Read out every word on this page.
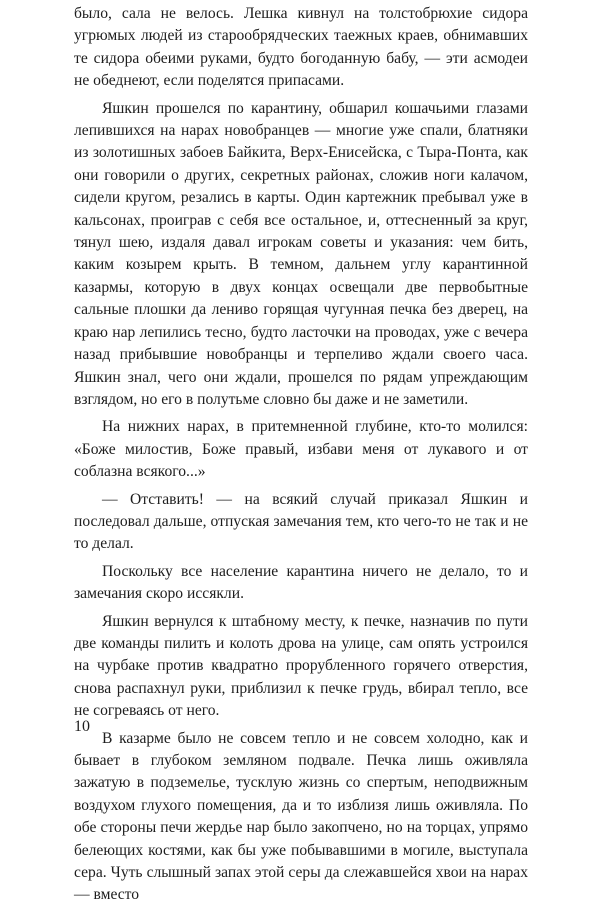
было, сала не велось. Лешка кивнул на толстобрюхие сидора угрюмых людей из старообрядческих таежных краев, обнимавших те сидора обеими руками, будто богоданную бабу, — эти асмодеи не обеднеют, если поделятся припасами.

Яшкин прошелся по карантину, обшарил кошачьими глазами лепившихся на нарах новобранцев — многие уже спали, блатняки из золотишных забоев Байкита, Верх-Енисейска, с Тыра-Понта, как они говорили о других, секретных районах, сложив ноги калачом, сидели кругом, резались в карты. Один картежник пребывал уже в кальсонах, проиграв с себя все остальное, и, оттесненный за круг, тянул шею, издаля давал игрокам советы и указания: чем бить, каким козырем крыть. В темном, дальнем углу карантинной казармы, которую в двух концах освещали две первобытные сальные плошки да лениво горящая чугунная печка без дверец, на краю нар лепились тесно, будто ласточки на проводах, уже с вечера назад прибывшие новобранцы и терпеливо ждали своего часа. Яшкин знал, чего они ждали, прошелся по рядам упреждающим взглядом, но его в полутьме словно бы даже и не заметили.

На нижних нарах, в притемненной глубине, кто-то молился: «Боже милостив, Боже правый, избави меня от лукавого и от соблазна всякого...»

— Отставить! — на всякий случай приказал Яшкин и последовал дальше, отпуская замечания тем, кто чего-то не так и не то делал.

Поскольку все население карантина ничего не делало, то и замечания скоро иссякли.

Яшкин вернулся к штабному месту, к печке, назначив по пути две команды пилить и колоть дрова на улице, сам опять устроился на чурбаке против квадратно прорубленного горячего отверстия, снова распахнул руки, приблизил к печке грудь, вбирал тепло, все не согреваясь от него.

В казарме было не совсем тепло и не совсем холодно, как и бывает в глубоком земляном подвале. Печка лишь оживляла зажатую в подземелье, тусклую жизнь со спертым, неподвижным воздухом глухого помещения, да и то изблизя лишь оживляла. По обе стороны печи жердье нар было закопчено, но на торцах, упрямо белеющих костями, как бы уже побывавшими в могиле, выступала сера. Чуть слышный запах этой серы да слежавшейся хвои на нарах — вместо

10
